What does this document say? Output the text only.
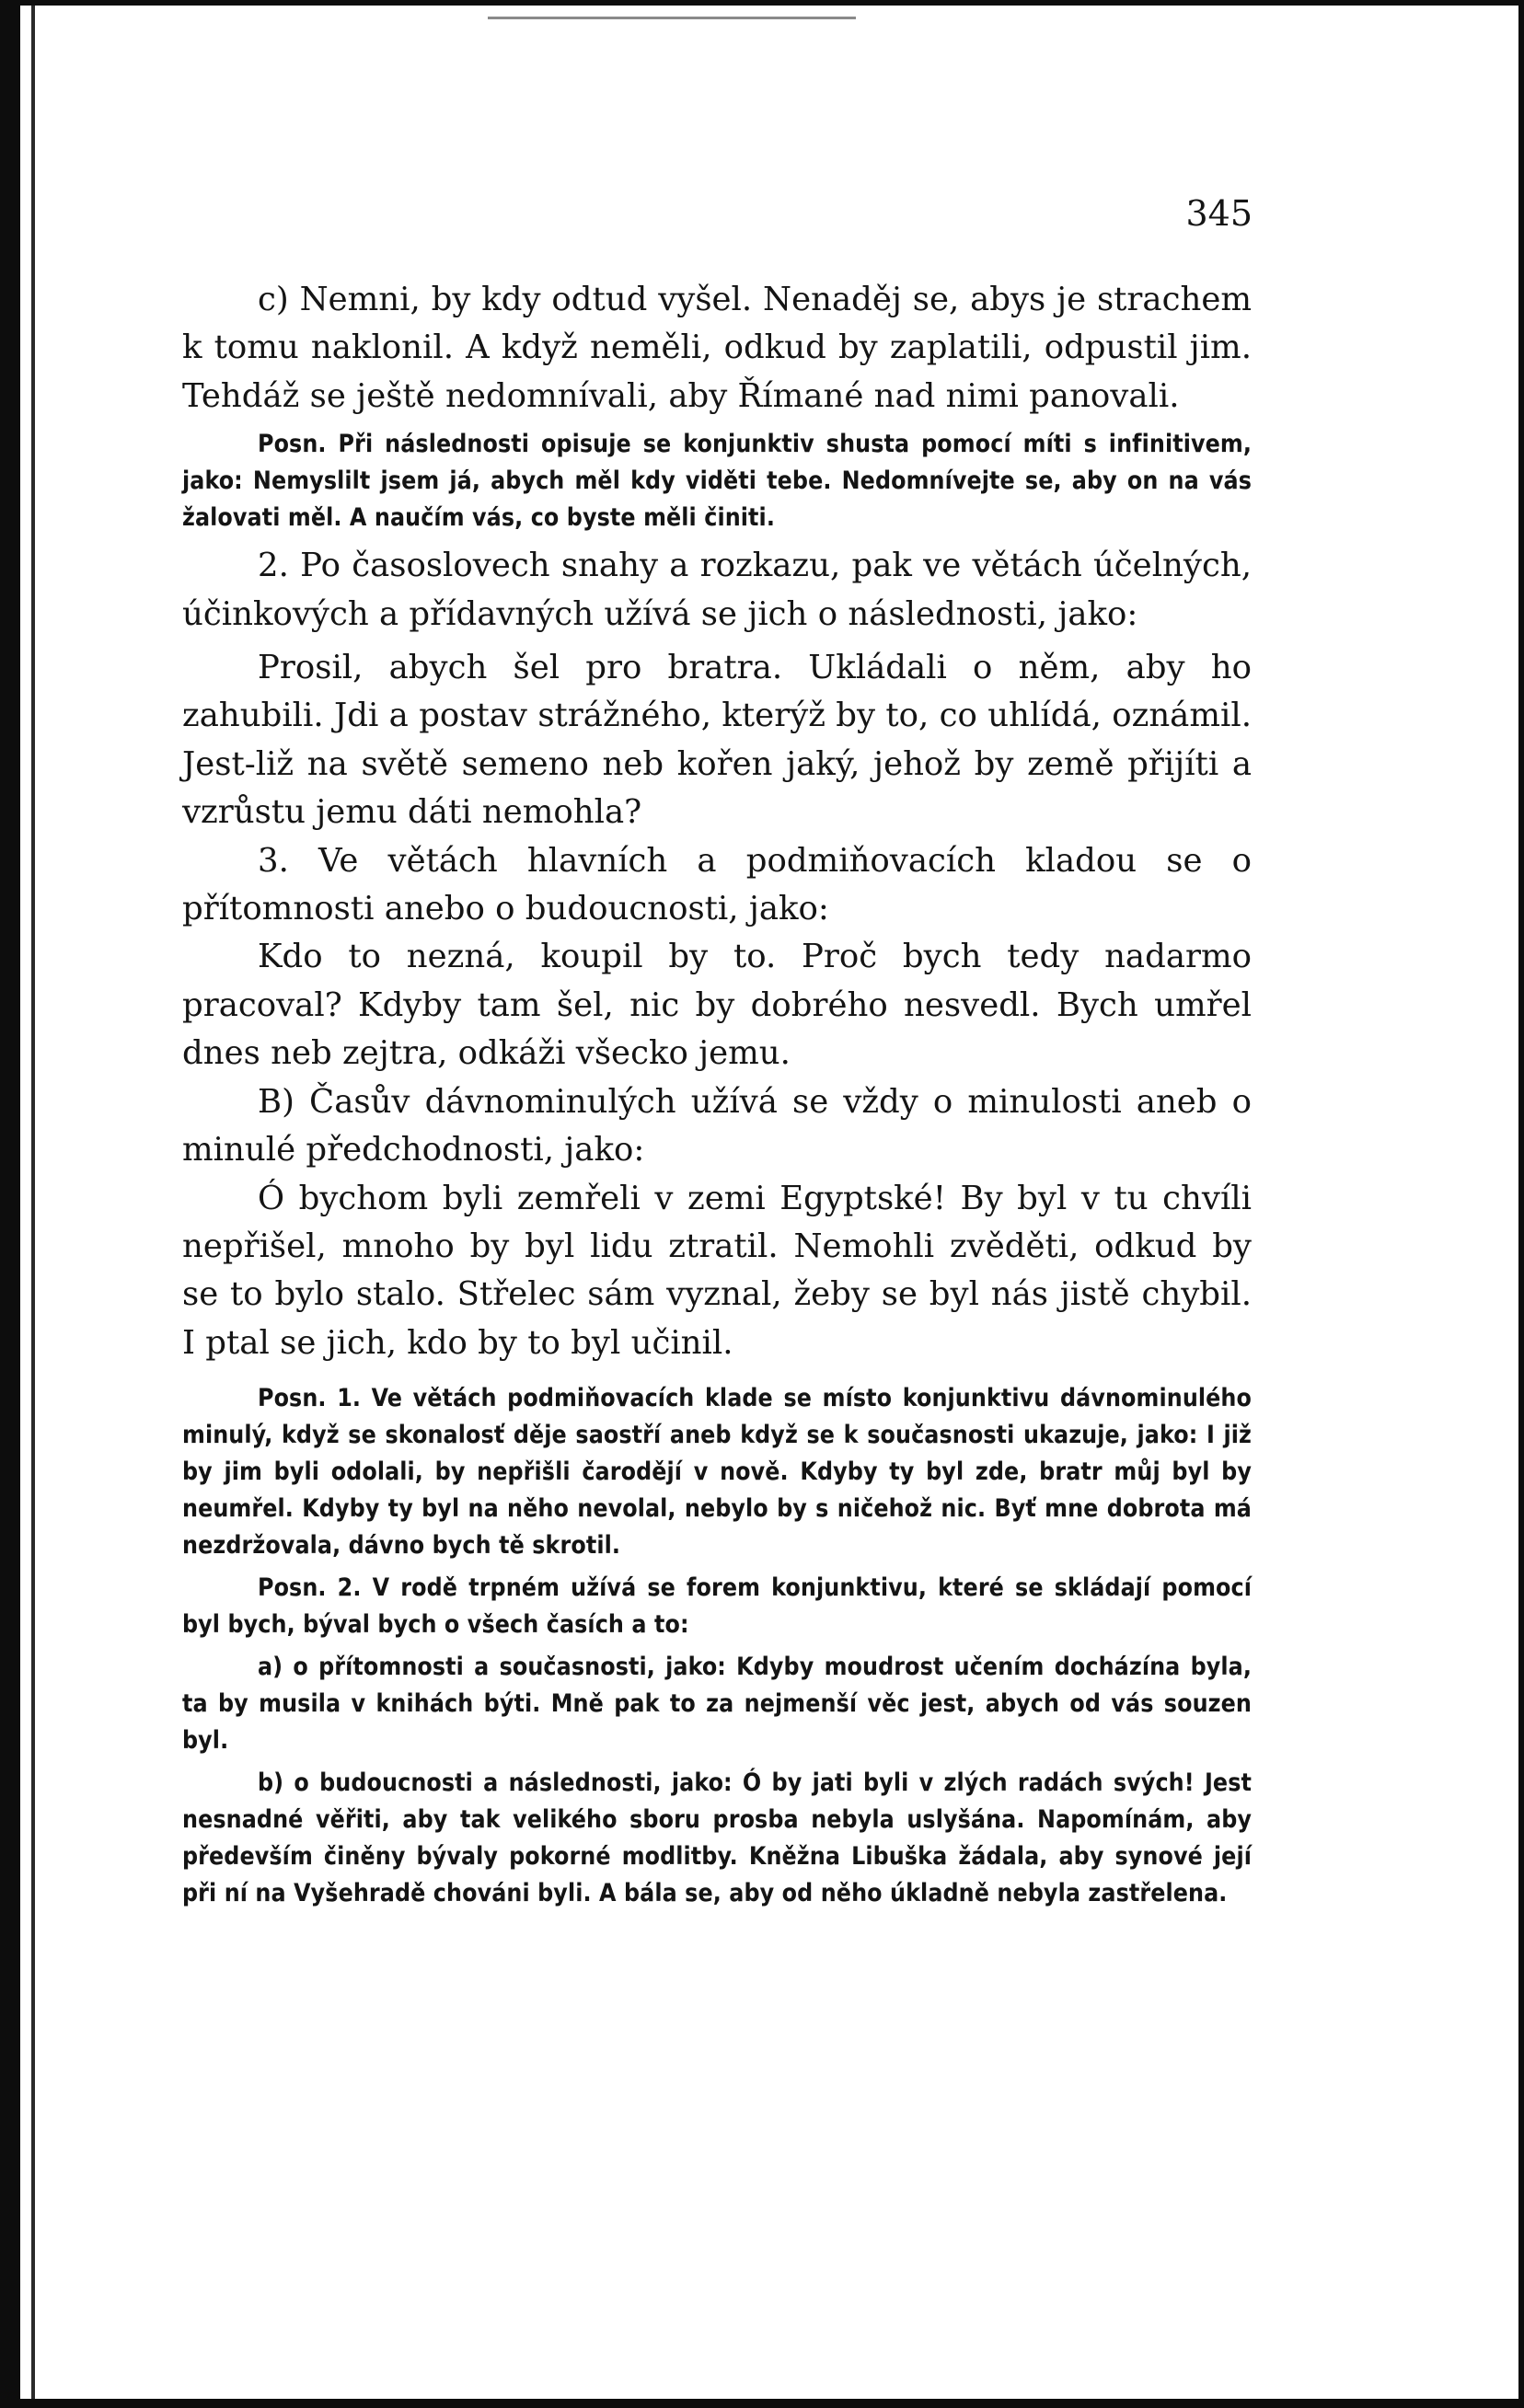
345

c) Nemni, by kdy odtud vyšel. Nenaděj se, abys je strachem k tomu naklonil. A když neměli, odkud by zaplatili, odpustil jim. Tehdáž se ještě nedomnívali, aby Římané nad nimi panovali.

Posn. Při následnosti opisuje se konjunktiv shusta pomocí míti s infinitivem, jako: Nemyslilt jsem já, abych měl kdy viděti tebe. Nedomnívejte se, aby on na vás žalovati měl. A naučím vás, co byste měli činiti.

2. Po časoslovech snahy a rozkazu, pak ve větách účelných, účinkových a přídavných užívá se jich o následnosti, jako:

Prosil, abych šel pro bratra. Ukládali o něm, aby ho zahubili. Jdi a postav strážného, kterýž by to, co uhlídá, oznámil. Jest-liž na světě semeno neb kořen jaký, jehož by země přijíti a vzrůstu jemu dáti nemohla?

3. Ve větách hlavních a podmiňovacích kladou se o přítomnosti anebo o budoucnosti, jako:

Kdo to nezná, koupil by to. Proč bych tedy nadarmo pracoval? Kdyby tam šel, nic by dobrého nesvedl. Bych umřel dnes neb zejtra, odkáži všecko jemu.

B) Časův dávnominulých užívá se vždy o minulosti aneb o minulé předchodnosti, jako:

Ó bychom byli zemřeli v zemi Egyptské! By byl v tu chvíli nepřišel, mnoho by byl lidu ztratil. Nemohli zvěděti, odkud by se to bylo stalo. Střelec sám vyznal, žeby se byl nás jistě chybil. I ptal se jich, kdo by to byl učinil.

Posn. 1. Ve větách podmiňovacích klade se místo konjunktivu dávnominulého minulý, když se skonalosť děje saostří aneb když se k současnosti ukazuje, jako: I již by jim byli odolali, by nepřišli čarodějí v nově. Kdyby ty byl zde, bratr můj byl by neumřel. Kdyby ty byl na něho nevolal, nebylo by s ničehož nic. Byť mne dobrota má nezdržovala, dávno bych tě skrotil.

Posn. 2. V rodě trpném užívá se forem konjunktivu, které se skládají pomocí byl bych, býval bych o všech časích a to:

a) o přítomnosti a současnosti, jako: Kdyby moudrost učením docházína byla, ta by musila v knihách býti. Mně pak to za nejmenší věc jest, abych od vás souzen byl.

b) o budoucnosti a následnosti, jako: Ó by jati byli v zlých radách svých! Jest nesnadné věřiti, aby tak velikého sboru prosba nebyla uslyšána. Napomínám, aby především činěny bývaly pokorné modlitby. Kněžna Libuška žádala, aby synové její při ní na Vyšehradě chováni byli. A bála se, aby od něho úkladně nebyla zastřelena.
